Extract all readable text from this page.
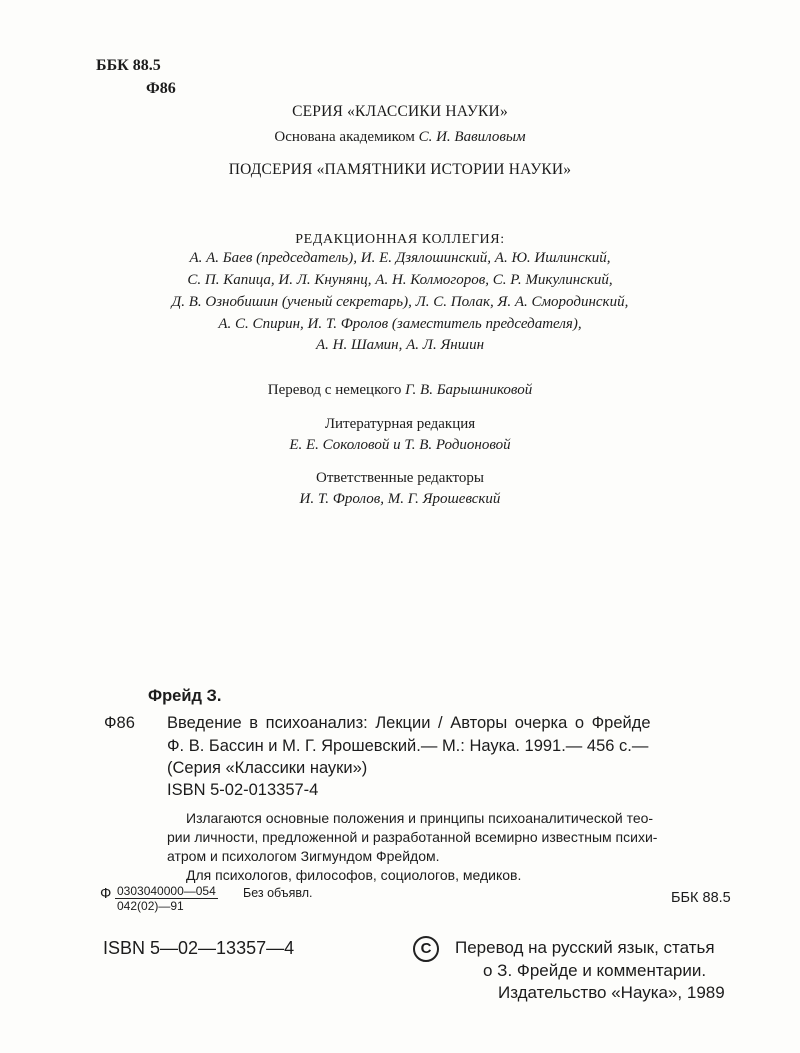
ББК 88.5
Ф86
СЕРИЯ «КЛАССИКИ НАУКИ»
Основана академиком С. И. Вавиловым
ПОДСЕРИЯ «ПАМЯТНИКИ ИСТОРИИ НАУКИ»
РЕДАКЦИОННАЯ КОЛЛЕГИЯ:
А. А. Баев (председатель), И. Е. Дзялошинский, А. Ю. Ишлинский,
С. П. Капица, И. Л. Кнунянц, А. Н. Колмогоров, С. Р. Микулинский,
Д. В. Ознобишин (ученый секретарь), Л. С. Полак, Я. А. Смородинский,
А. С. Спирин, И. Т. Фролов (заместитель председателя),
А. Н. Шамин, А. Л. Яншин
Перевод с немецкого Г. В. Барышниковой
Литературная редакция
Е. Е. Соколовой и Т. В. Родионовой
Ответственные редакторы
И. Т. Фролов, М. Г. Ярошевский
Фрейд З.
Ф86 Введение в психоанализ: Лекции / Авторы очерка о Фрейде
Ф. В. Бассин и М. Г. Ярошевский.— М.: Наука. 1991.— 456 с.—
(Серия «Классики науки»)
ISBN 5-02-013357-4
Излагаются основные положения и принципы психоаналитической тео-
рии личности, предложенной и разработанной всемирно известным психи-
атром и психологом Зигмундом Фрейдом.
Для психологов, философов, социологов, медиков.
Ф $\frac{0303040000—054}{042(02)—91}$ Без объявл.	ББК 88.5
ISBN 5—02—13357—4	C	Перевод на русский язык, статья
о З. Фрейде и комментарии.
Издательство «Наука», 1989
